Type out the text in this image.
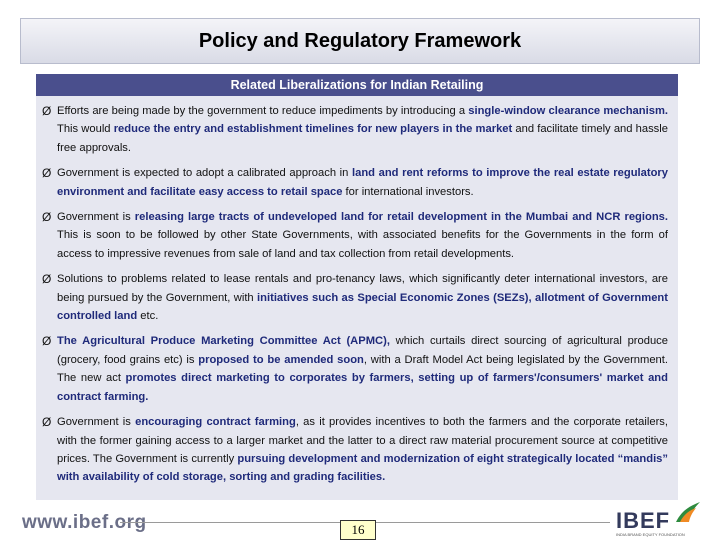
Policy and Regulatory Framework
Related Liberalizations for Indian Retailing
Ø Efforts are being made by the government to reduce impediments by introducing a single-window clearance mechanism. This would reduce the entry and establishment timelines for new players in the market and facilitate timely and hassle free approvals.
Ø Government is expected to adopt a calibrated approach in land and rent reforms to improve the real estate regulatory environment and facilitate easy access to retail space for international investors.
Ø Government is releasing large tracts of undeveloped land for retail development in the Mumbai and NCR regions. This is soon to be followed by other State Governments, with associated benefits for the Governments in the form of access to impressive revenues from sale of land and tax collection from retail developments.
Ø Solutions to problems related to lease rentals and pro-tenancy laws, which significantly deter international investors, are being pursued by the Government, with initiatives such as Special Economic Zones (SEZs), allotment of Government controlled land etc.
Ø The Agricultural Produce Marketing Committee Act (APMC), which curtails direct sourcing of agricultural produce (grocery, food grains etc) is proposed to be amended soon, with a Draft Model Act being legislated by the Government. The new act promotes direct marketing to corporates by farmers, setting up of farmers'/consumers' market and contract farming.
Ø Government is encouraging contract farming, as it provides incentives to both the farmers and the corporate retailers, with the former gaining access to a larger market and the latter to a direct raw material procurement source at competitive prices. The Government is currently pursuing development and modernization of eight strategically located “mandis” with availability of cold storage, sorting and grading facilities.
www.ibef.org	16	IBEF
INDIA BRAND EQUITY FOUNDATION
